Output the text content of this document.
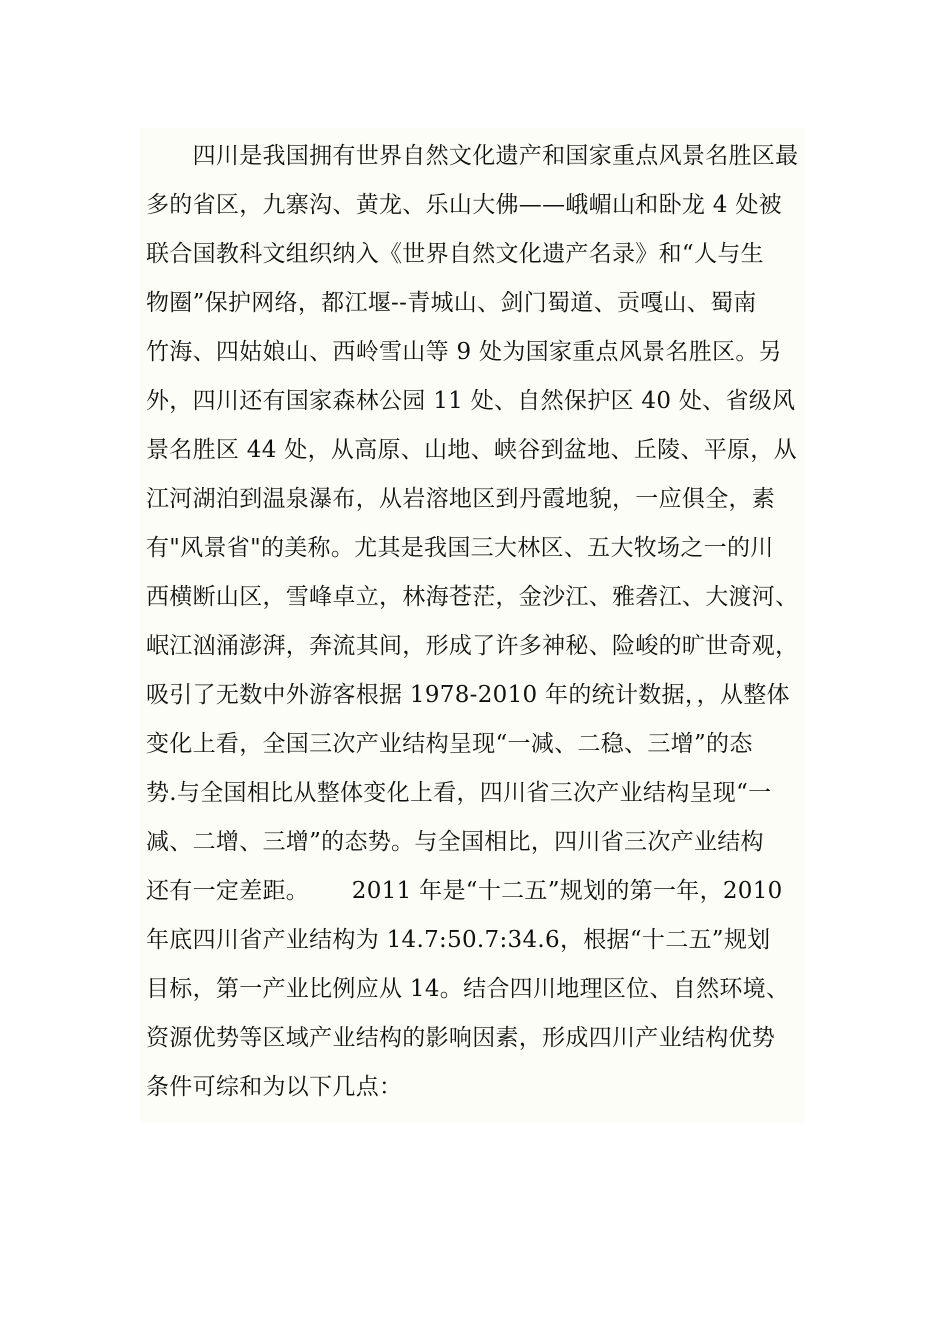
　　四川是我国拥有世界自然文化遗产和国家重点风景名胜区最
多的省区，九寨沟、黄龙、乐山大佛——峨嵋山和卧龙 4 处被
联合国教科文组织纳入《世界自然文化遗产名录》和“人与生
物圈”保护网络，都江堰--青城山、剑门蜀道、贡嘎山、蜀南
竹海、四姑娘山、西岭雪山等 9 处为国家重点风景名胜区。另
外，四川还有国家森林公园 11 处、自然保护区 40 处、省级风
景名胜区 44 处，从高原、山地、峡谷到盆地、丘陵、平原，从
江河湖泊到温泉瀑布，从岩溶地区到丹霞地貌，一应俱全，素
有"风景省"的美称。尤其是我国三大林区、五大牧场之一的川
西横断山区，雪峰卓立，林海苍茫，金沙江、雅砻江、大渡河、
岷江汹涌澎湃，奔流其间，形成了许多神秘、险峻的旷世奇观，
吸引了无数中外游客根据 1978-2010 年的统计数据，，从整体
变化上看，全国三次产业结构呈现“一减、二稳、三增”的态
势.与全国相比从整体变化上看，四川省三次产业结构呈现“一
减、二增、三增”的态势。与全国相比，四川省三次产业结构
还有一定差距。　　 2011 年是“十二五”规划的第一年，2010
年底四川省产业结构为 14.7:50.7:34.6，根据“十二五”规划
目标，第一产业比例应从 14。结合四川地理区位、自然环境、
资源优势等区域产业结构的影响因素，形成四川产业结构优势
条件可综和为以下几点：
